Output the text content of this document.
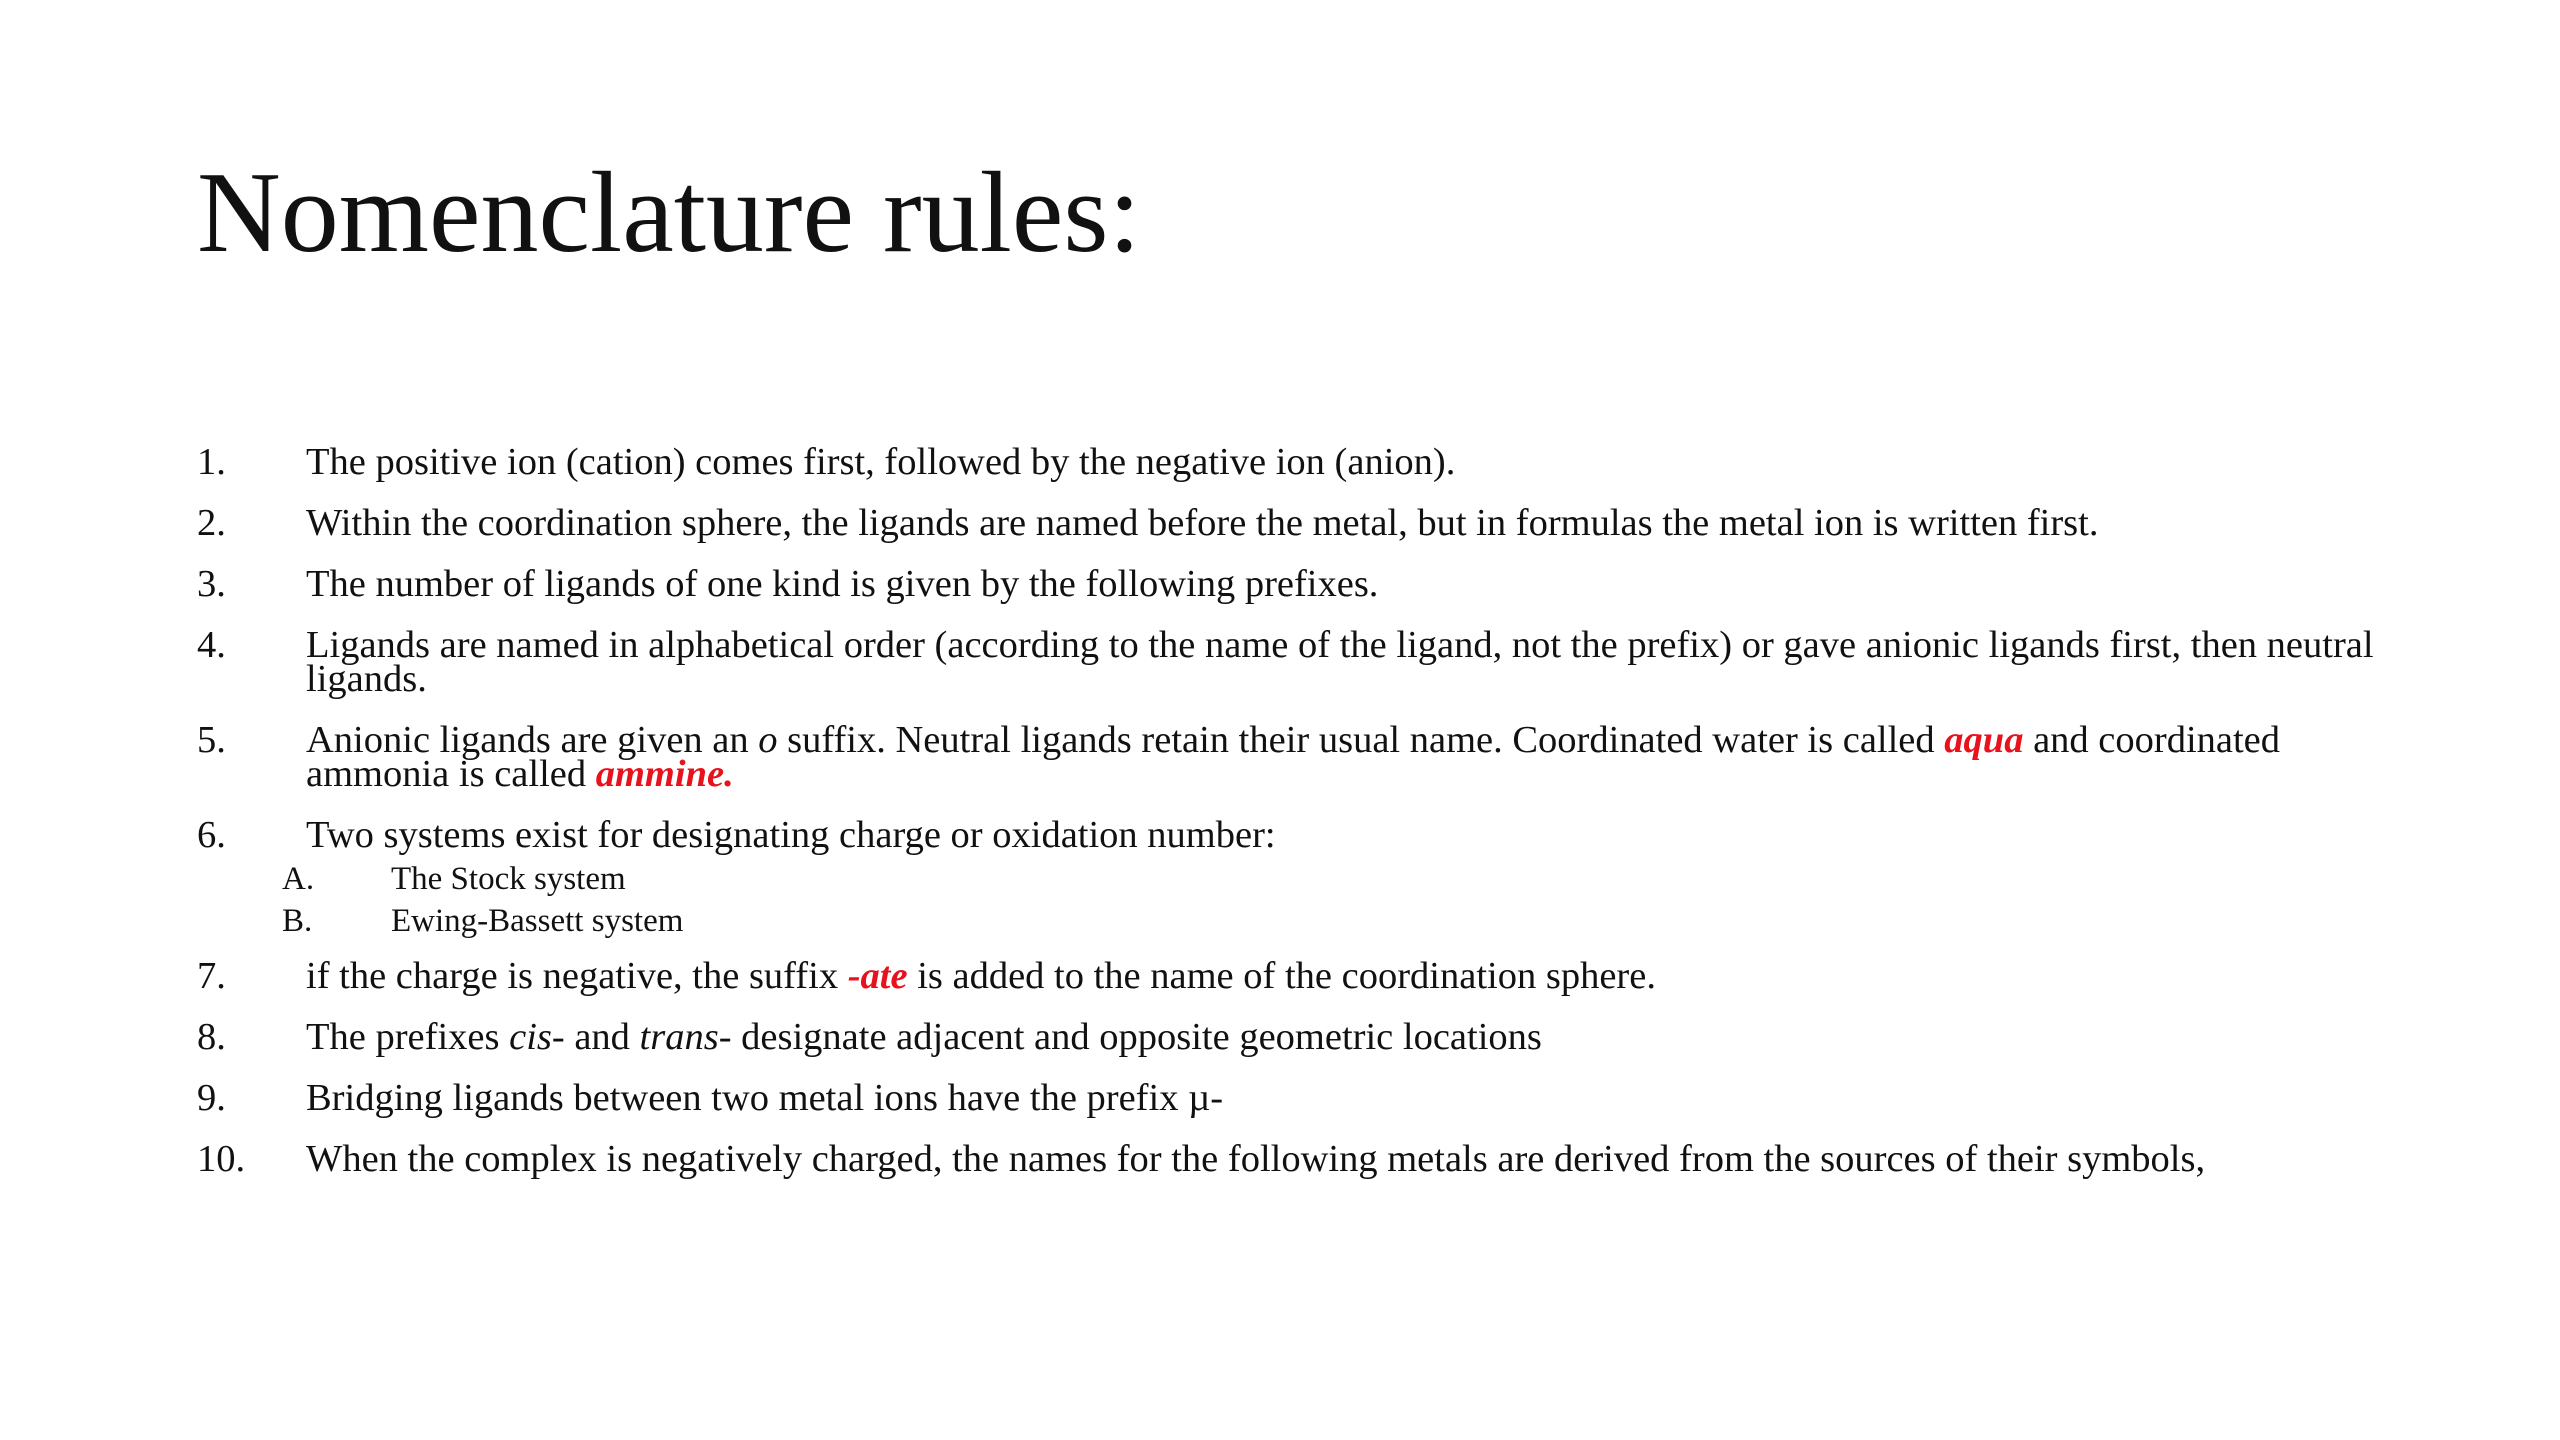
Nomenclature rules:
1. The positive ion (cation) comes first, followed by the negative ion (anion).
2. Within the coordination sphere, the ligands are named before the metal, but in formulas the metal ion is written first.
3. The number of ligands of one kind is given by the following prefixes.
4. Ligands are named in alphabetical order (according to the name of the ligand, not the prefix) or gave anionic ligands first, then neutral ligands.
5. Anionic ligands are given an o suffix. Neutral ligands retain their usual name. Coordinated water is called aqua and coordinated ammonia is called ammine.
6. Two systems exist for designating charge or oxidation number:
A. The Stock system
B. Ewing-Bassett system
7. if the charge is negative, the suffix -ate is added to the name of the coordination sphere.
8. The prefixes cis- and trans- designate adjacent and opposite geometric locations
9. Bridging ligands between two metal ions have the prefix µ-
10. When the complex is negatively charged, the names for the following metals are derived from the sources of their symbols,
